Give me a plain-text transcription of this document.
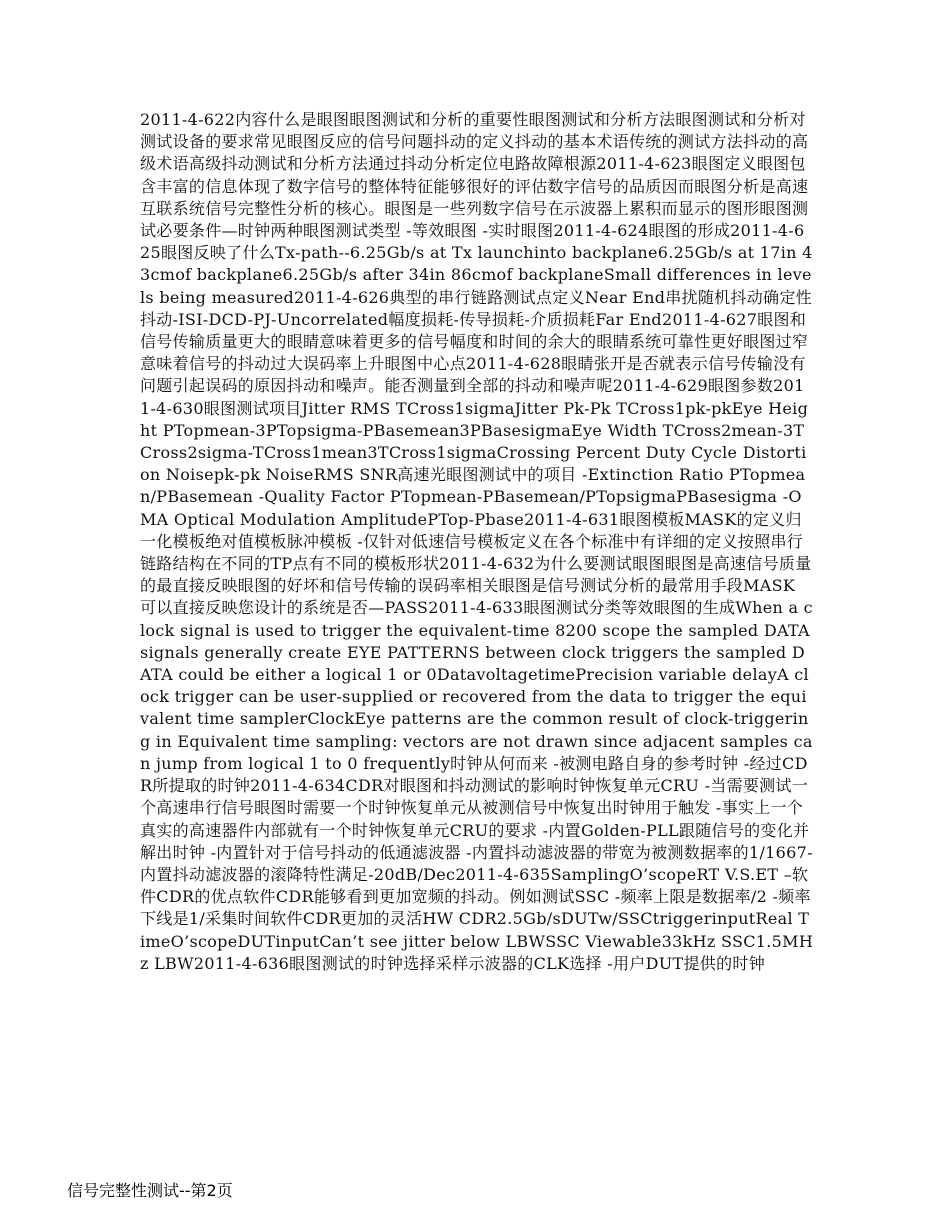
2011-4-622内容什么是眼图眼图测试和分析的重要性眼图测试和分析方法眼图测试和分析对测试设备的要求常见眼图反应的信号问题抖动的定义抖动的基本术语传统的测试方法抖动的高级术语高级抖动测试和分析方法通过抖动分析定位电路故障根源2011-4-623眼图定义眼图包含丰富的信息体现了数字信号的整体特征能够很好的评估数字信号的品质因而眼图分析是高速互联系统信号完整性分析的核心。眼图是一些列数字信号在示波器上累积而显示的图形眼图测试必要条件—时钟两种眼图测试类型 -等效眼图 -实时眼图2011-4-624眼图的形成2011-4-625眼图反映了什么Tx-path--6.25Gb/s at Tx launchinto backplane6.25Gb/s at 17in 43cmof backplane6.25Gb/s after 34in 86cmof backplaneSmall differences in levels being measured2011-4-626典型的串行链路测试点定义Near End串扰随机抖动确定性抖动-ISI-DCD-PJ-Uncorrelated幅度损耗-传导损耗-介质损耗Far End2011-4-627眼图和信号传输质量更大的眼睛意味着更多的信号幅度和时间的余大的眼睛系统可靠性更好眼图过窄意味着信号的抖动过大误码率上升眼图中心点2011-4-628眼睛张开是否就表示信号传输没有问题引起误码的原因抖动和噪声。能否测量到全部的抖动和噪声呢2011-4-629眼图参数2011-4-630眼图测试项目Jitter RMS TCross1sigmaJitter Pk-Pk TCross1pk-pkEye Height PTopmean-3PTopsigma-PBasemean3PBasesigmaEye Width TCross2mean-3TCross2sigma-TCross1mean3TCross1sigmaCrossing Percent Duty Cycle Distortion Noisepk-pk NoiseRMS SNR高速光眼图测试中的项目 -Extinction Ratio PTopmean/PBasemean -Quality Factor PTopmean-PBasemean/PTopsigmaPBasesigma -OMA Optical Modulation AmplitudePTop-Pbase2011-4-631眼图模板MASK的定义归一化模板绝对值模板脉冲模板 -仅针对低速信号模板定义在各个标准中有详细的定义按照串行链路结构在不同的TP点有不同的模板形状2011-4-632为什么要测试眼图眼图是高速信号质量的最直接反映眼图的好坏和信号传输的误码率相关眼图是信号测试分析的最常用手段MASK 可以直接反映您设计的系统是否—PASS2011-4-633眼图测试分类等效眼图的生成When a clock signal is used to trigger the equivalent-time 8200 scope the sampled DATA signals generally create EYE PATTERNS between clock triggers the sampled DATA could be either a logical 1 or 0DatavoltagetimePrecision variable delayA clock trigger can be user-supplied or recovered from the data to trigger the equivalent time samplerClockEye patterns are the common result of clock-triggering in Equivalent time sampling: vectors are not drawn since adjacent samples can jump from logical 1 to 0 frequently时钟从何而来 -被测电路自身的参考时钟 -经过CDR所提取的时钟2011-4-634CDR对眼图和抖动测试的影响时钟恢复单元CRU -当需要测试一个高速串行信号眼图时需要一个时钟恢复单元从被测信号中恢复出时钟用于触发 -事实上一个真实的高速器件内部就有一个时钟恢复单元CRU的要求 -内置Golden-PLL跟随信号的变化并解出时钟 -内置针对于信号抖动的低通滤波器 -内置抖动滤波器的带宽为被测数据率的1/1667-内置抖动滤波器的滚降特性满足-20dB/Dec2011-4-635SamplingO’scopeRT V.S.ET –软件CDR的优点软件CDR能够看到更加宽频的抖动。例如测试SSC -频率上限是数据率/2 -频率下线是1/采集时间软件CDR更加的灵活HW CDR2.5Gb/sDUTw/SSCtriggerinputReal TimeO’scopeDUTinputCan’t see jitter below LBWSSC Viewable33kHz SSC1.5MHz LBW2011-4-636眼图测试的时钟选择采样示波器的CLK选择 -用户DUT提供的时钟

信号完整性测试--第2页
